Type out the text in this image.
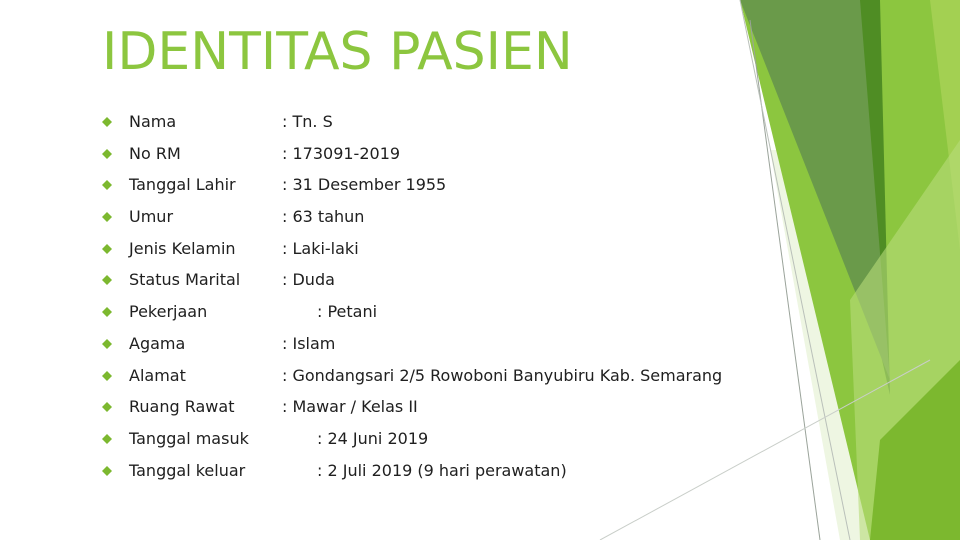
IDENTITAS PASIEN
Nama	: Tn. S
No RM	: 173091-2019
Tanggal Lahir	: 31 Desember 1955
Umur	: 63 tahun
Jenis Kelamin	: Laki-laki
Status Marital	: Duda
Pekerjaan	: Petani
Agama	: Islam
Alamat	: Gondangsari 2/5 Rowoboni Banyubiru Kab. Semarang
Ruang Rawat	: Mawar / Kelas II
Tanggal masuk	: 24 Juni 2019
Tanggal keluar	: 2 Juli 2019 (9 hari perawatan)
